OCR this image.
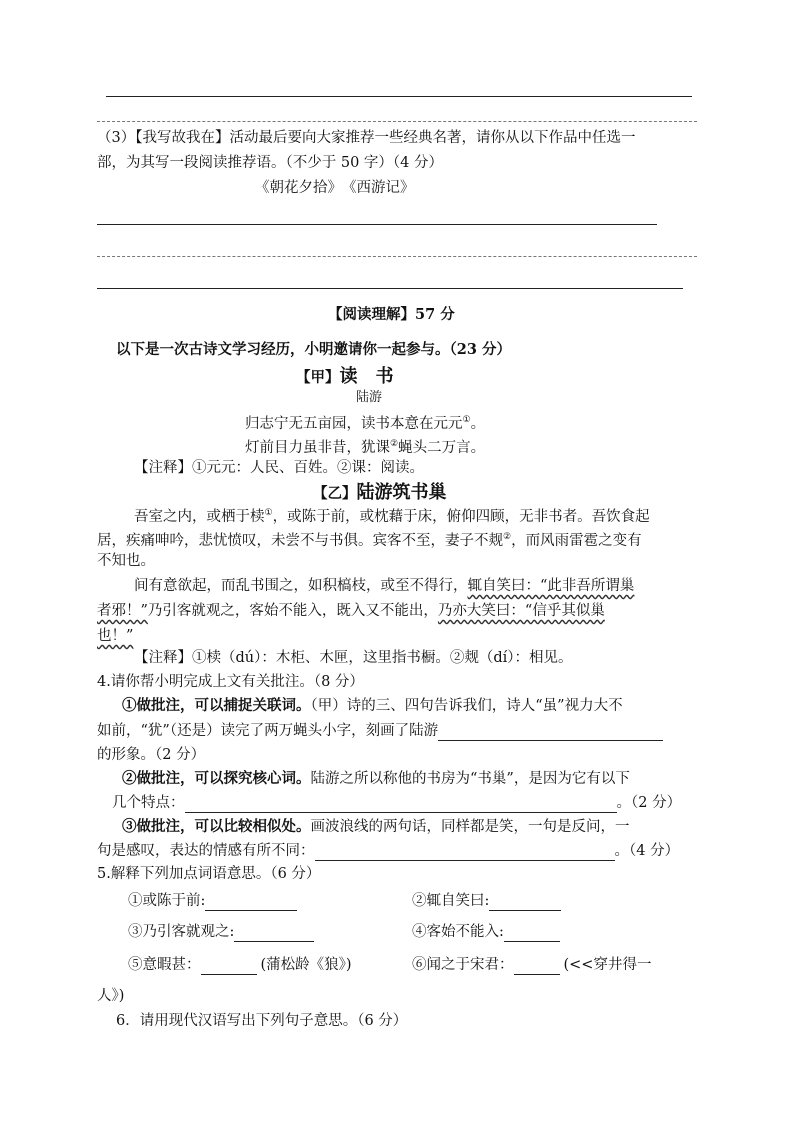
（3）【我写故我在】活动最后要向大家推荐一些经典名著，请你从以下作品中任选一
部，为其写一段阅读推荐语。（不少于 50 字）（4 分）
《朝花夕拾》　《西游记》
【阅读理解】57 分
以下是一次古诗文学习经历，小明邀请你一起参与。（23 分）
【甲】读　书
陆游
归志宁无五亩园，读书本意在元元①。
灯前目力虽非昔，犹课②蝇头二万言。
【注释】①元元：人民、百姓。②课：阅读。
【乙】陆游筑书巢
吾室之内，或栖于椟①，或陈于前，或枕藉于床，俯仰四顾，无非书者。吾饮食起
居，疾痛呻吟，悲忧愤叹，未尝不与书俱。宾客不至，妻子不觌②，而风雨雷雹之变有
不知也。
间有意欲起，而乱书围之，如积槁枝，或至不得行，辄自笑曰：“此非吾所谓巢
者邪！”乃引客就观之，客始不能入，既入又不能出，乃亦大笑曰：“信乎其似巢
也！”
【注释】①椟（dú）：木柜、木匣，这里指书橱。②觌（dí）：相见。
4.请你帮小明完成上文有关批注。（8 分）
①做批注，可以捕捉关联词。（甲）诗的三、四句告诉我们，诗人“虽”视力大不
如前，“犹”（还是）读完了两万蝇头小字，刻画了陆游
的形象。（2 分）
②做批注，可以探究核心词。陆游之所以称他的书房为“书巢”，是因为它有以下
几个特点：	。（2 分）
③做批注，可以比较相似处。画波浪线的两句话，同样都是笑，一句是反问，一
句是感叹，表达的情感有所不同：	。（4 分）
5.解释下列加点词语意思。（6 分）
①或陈于前:	②辄自笑曰:
③乃引客就观之:	④客始不能入:
⑤意暇甚：	(蒲松龄《狼》)	⑥闻之于宋君：	(<<穿井得一
人》)
6．请用现代汉语写出下列句子意思。（6 分）
